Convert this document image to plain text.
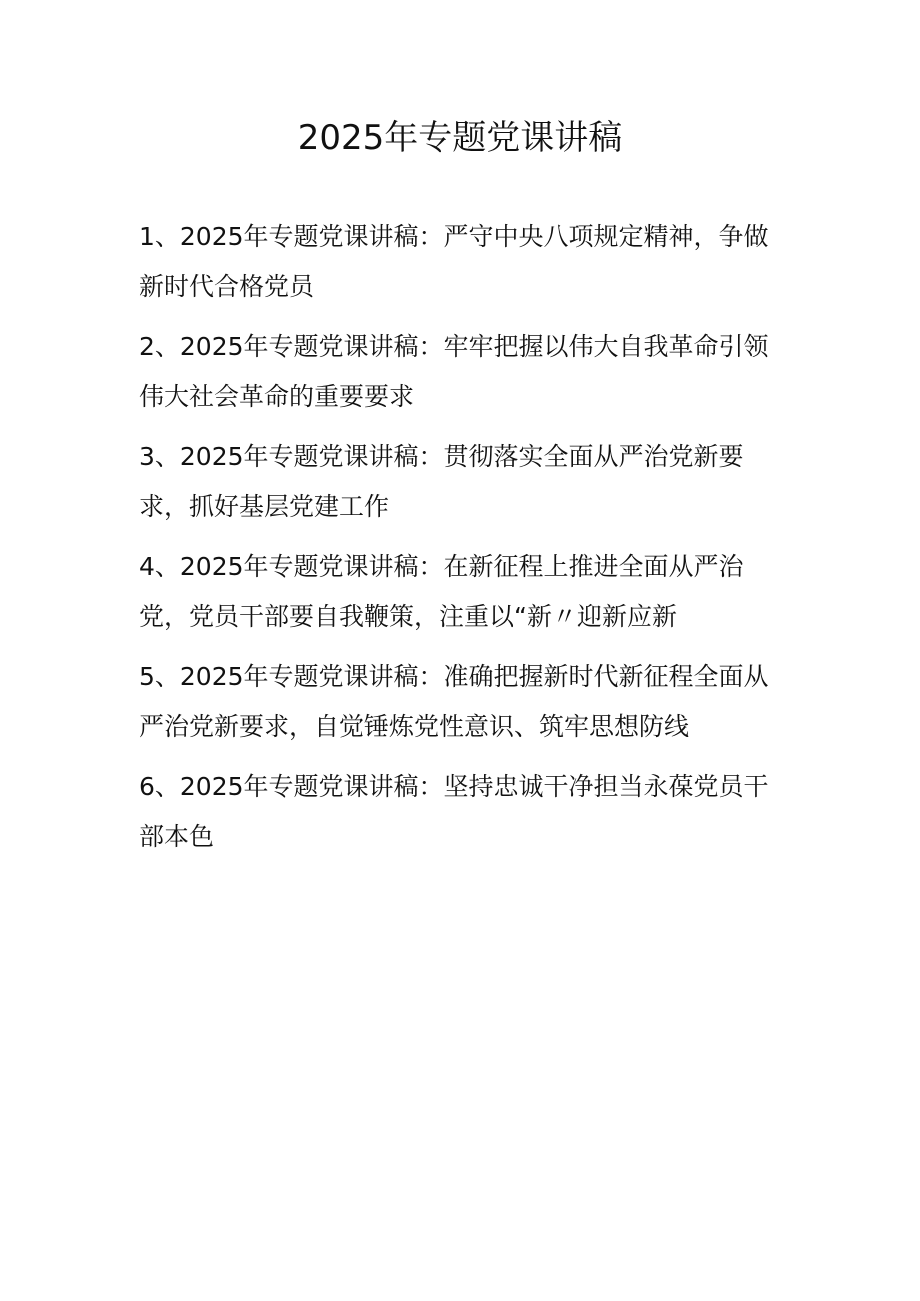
2025年专题党课讲稿
1、2025年专题党课讲稿：严守中央八项规定精神，争做新时代合格党员
2、2025年专题党课讲稿：牢牢把握以伟大自我革命引领伟大社会革命的重要要求
3、2025年专题党课讲稿：贯彻落实全面从严治党新要求，抓好基层党建工作
4、2025年专题党课讲稿：在新征程上推进全面从严治党，党员干部要自我鞭策，注重以“新〃迎新应新
5、2025年专题党课讲稿：准确把握新时代新征程全面从严治党新要求，自觉锤炼党性意识、筑牢思想防线
6、2025年专题党课讲稿：坚持忠诚干净担当永葆党员干部本色
